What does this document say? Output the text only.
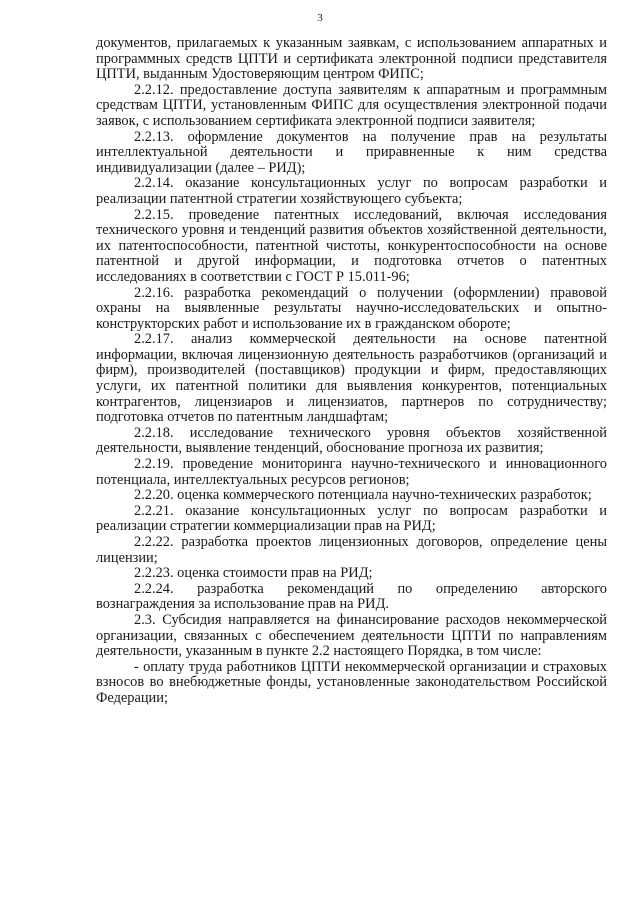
3

документов, прилагаемых к указанным заявкам, с использованием аппаратных и программных средств ЦПТИ и сертификата электронной подписи представителя ЦПТИ, выданным Удостоверяющим центром ФИПС;

2.2.12. предоставление доступа заявителям к аппаратным и программным средствам ЦПТИ, установленным ФИПС для осуществления электронной подачи заявок, с использованием сертификата электронной подписи заявителя;

2.2.13. оформление документов на получение прав на результаты интеллектуальной деятельности и приравненные к ним средства индивидуализации (далее – РИД);

2.2.14. оказание консультационных услуг по вопросам разработки и реализации патентной стратегии хозяйствующего субъекта;

2.2.15. проведение патентных исследований, включая исследования технического уровня и тенденций развития объектов хозяйственной деятельности, их патентоспособности, патентной чистоты, конкурентоспособности на основе патентной и другой информации, и подготовка отчетов о патентных исследованиях в соответствии с ГОСТ Р 15.011-96;

2.2.16. разработка рекомендаций о получении (оформлении) правовой охраны на выявленные результаты научно-исследовательских и опытно-конструкторских работ и использование их в гражданском обороте;

2.2.17. анализ коммерческой деятельности на основе патентной информации, включая лицензионную деятельность разработчиков (организаций и фирм), производителей (поставщиков) продукции и фирм, предоставляющих услуги, их патентной политики для выявления конкурентов, потенциальных контрагентов, лицензиаров и лицензиатов, партнеров по сотрудничеству; подготовка отчетов по патентным ландшафтам;

2.2.18. исследование технического уровня объектов хозяйственной деятельности, выявление тенденций, обоснование прогноза их развития;

2.2.19. проведение мониторинга научно-технического и инновационного потенциала, интеллектуальных ресурсов регионов;

2.2.20. оценка коммерческого потенциала научно-технических разработок;

2.2.21. оказание консультационных услуг по вопросам разработки и реализации стратегии коммерциализации прав на РИД;

2.2.22. разработка проектов лицензионных договоров, определение цены лицензии;

2.2.23. оценка стоимости прав на РИД;

2.2.24. разработка рекомендаций по определению авторского вознаграждения за использование прав на РИД.

2.3. Субсидия направляется на финансирование расходов некоммерческой организации, связанных с обеспечением деятельности ЦПТИ по направлениям деятельности, указанным в пункте 2.2 настоящего Порядка, в том числе:

- оплату труда работников ЦПТИ некоммерческой организации и страховых взносов во внебюджетные фонды, установленные законодательством Российской Федерации;
